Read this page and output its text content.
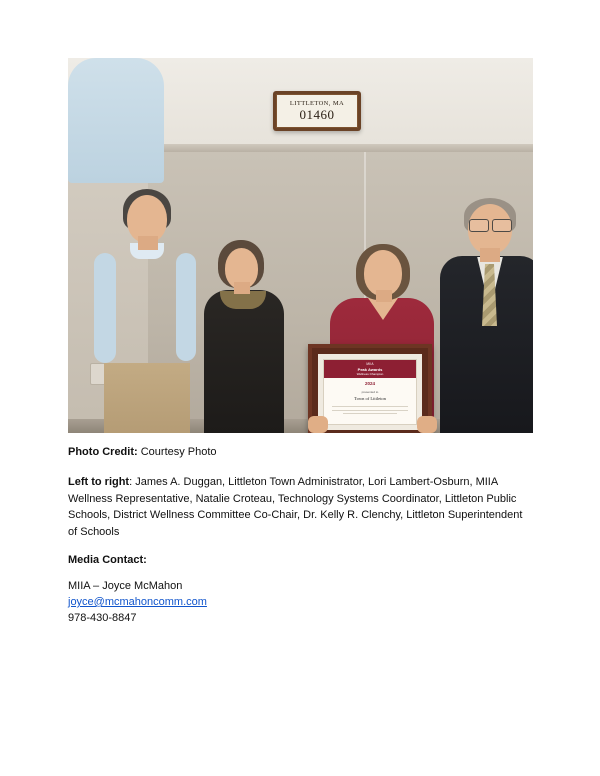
LITTLETON, MA
01460
MIIA
Peak Awards
Wellness Champion
2024
presented to
Town of Littleton
Photo Credit: Courtesy Photo
Left to right: James A. Duggan, Littleton Town Administrator, Lori Lambert-Osburn, MIIA Wellness Representative, Natalie Croteau, Technology Systems Coordinator, Littleton Public Schools, District Wellness Committee Co-Chair, Dr. Kelly R. Clenchy, Littleton Superintendent of Schools
Media Contact:
MIIA – Joyce McMahon
joyce@mcmahoncomm.com
978-430-8847
